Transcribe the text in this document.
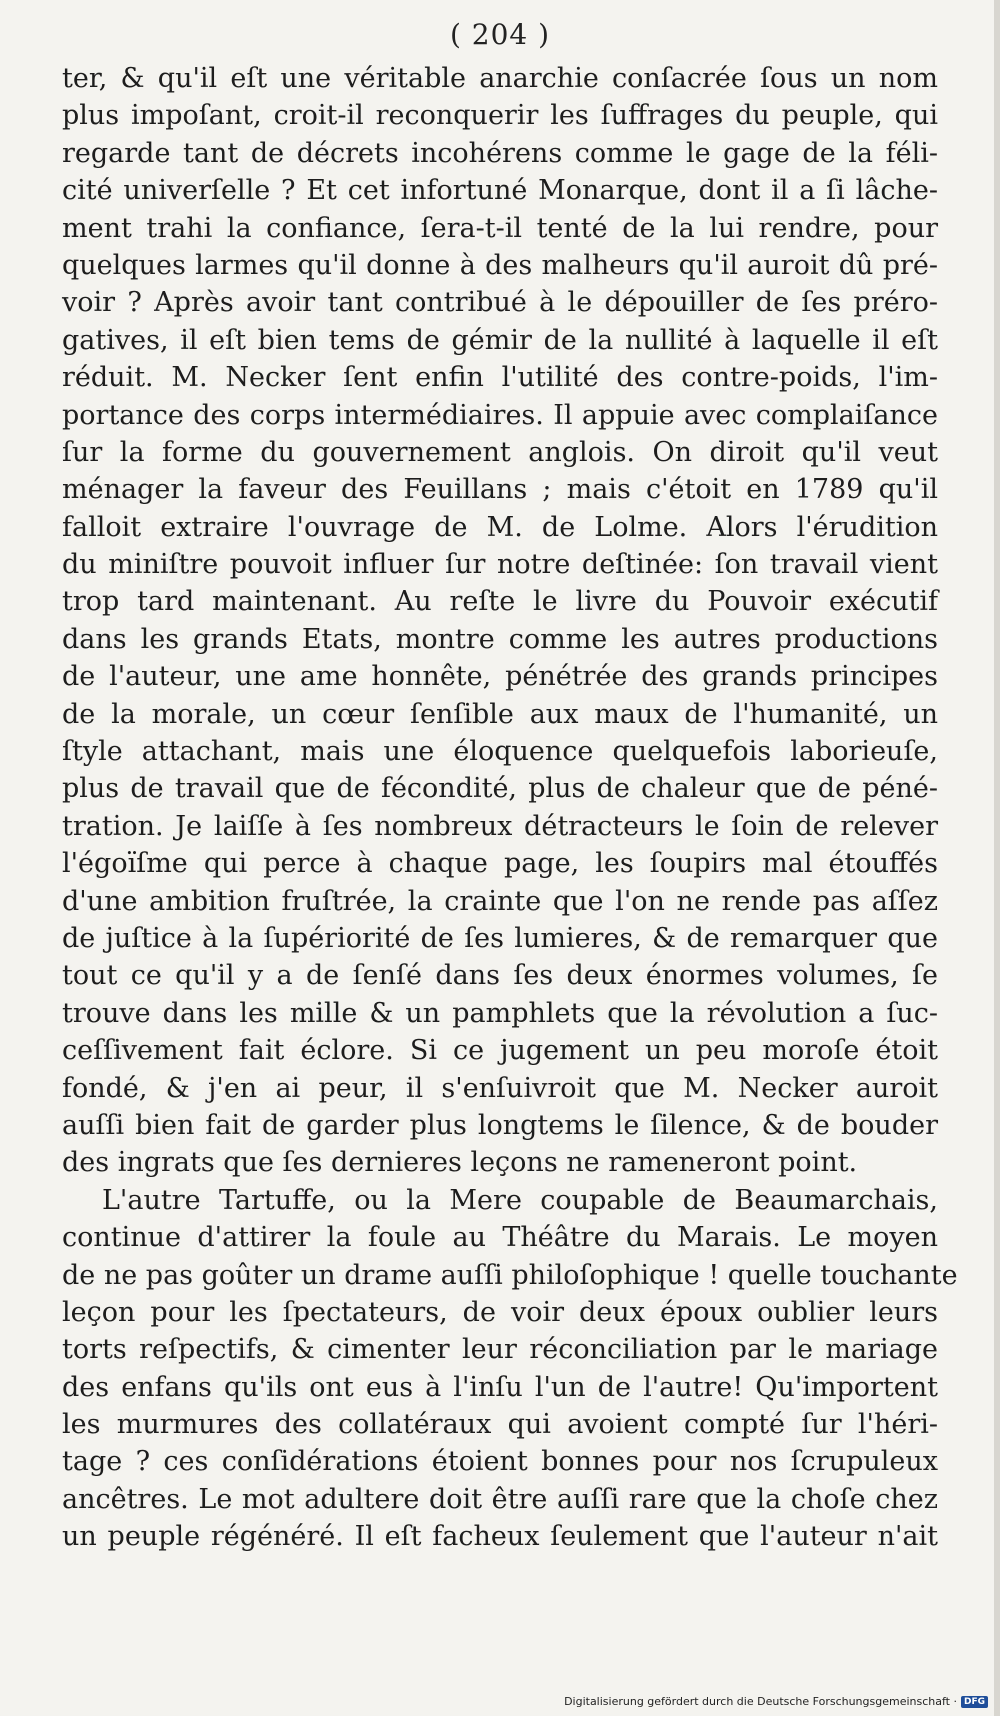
( 204 )
ter, & qu'il eſt une véritable anarchie conſacrée ſous un nom
plus impoſant, croit-il reconquerir les ſuffrages du peuple, qui
regarde tant de décrets incohérens comme le gage de la féli-
cité univerſelle ? Et cet infortuné Monarque, dont il a ſi lâche-
ment trahi la confiance, ſera-t-il tenté de la lui rendre, pour
quelques larmes qu'il donne à des malheurs qu'il auroit dû pré-
voir ? Après avoir tant contribué à le dépouiller de ſes préro-
gatives, il eſt bien tems de gémir de la nullité à laquelle il eſt
réduit. M. Necker ſent enfin l'utilité des contre-poids, l'im-
portance des corps intermédiaires. Il appuie avec complaiſance
ſur la forme du gouvernement anglois. On diroit qu'il veut
ménager la faveur des Feuillans ; mais c'étoit en 1789 qu'il
falloit extraire l'ouvrage de M. de Lolme. Alors l'érudition
du miniſtre pouvoit influer ſur notre deſtinée: ſon travail vient
trop tard maintenant. Au reſte le livre du Pouvoir exécutif
dans les grands Etats, montre comme les autres productions
de l'auteur, une ame honnête, pénétrée des grands principes
de la morale, un cœur ſenſible aux maux de l'humanité, un
ſtyle attachant, mais une éloquence quelquefois laborieuſe,
plus de travail que de fécondité, plus de chaleur que de péné-
tration. Je laiſſe à ſes nombreux détracteurs le ſoin de relever
l'égoïſme qui perce à chaque page, les ſoupirs mal étouffés
d'une ambition fruſtrée, la crainte que l'on ne rende pas aſſez
de juſtice à la ſupériorité de ſes lumieres, & de remarquer que
tout ce qu'il y a de ſenſé dans ſes deux énormes volumes, ſe
trouve dans les mille & un pamphlets que la révolution a ſuc-
ceſſivement fait éclore. Si ce jugement un peu moroſe étoit
fondé, & j'en ai peur, il s'enſuivroit que M. Necker auroit
auſſi bien fait de garder plus longtems le ſilence, & de bouder
des ingrats que ſes dernieres leçons ne rameneront point.
L'autre Tartuffe, ou la Mere coupable de Beaumarchais,
continue d'attirer la foule au Théâtre du Marais. Le moyen
de ne pas goûter un drame auſſi philoſophique ! quelle touchante
leçon pour les ſpectateurs, de voir deux époux oublier leurs
torts reſpectifs, & cimenter leur réconciliation par le mariage
des enfans qu'ils ont eus à l'inſu l'un de l'autre! Qu'importent
les murmures des collatéraux qui avoient compté ſur l'héri-
tage ? ces conſidérations étoient bonnes pour nos ſcrupuleux
ancêtres. Le mot adultere doit être auſſi rare que la choſe chez
un peuple régénéré. Il eſt facheux ſeulement que l'auteur n'ait
Digitalisierung gefördert durch die Deutsche Forschungsgemeinschaft · DFG
